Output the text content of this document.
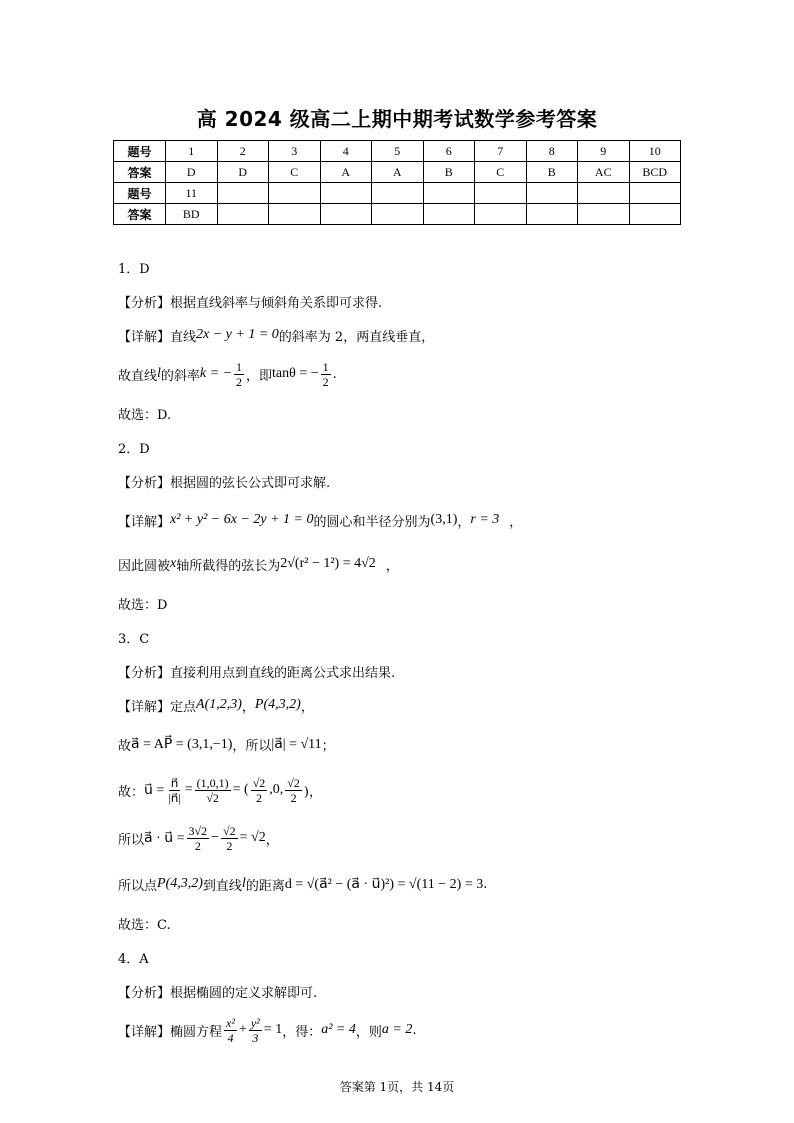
高 2024 级高二上期中期考试数学参考答案
题号	1	2	3	4	5	6	7	8	9	10
答案	D	D	C	A	A	B	C	B	AC	BCD
题号	11									
答案	BD									
1．D
【分析】根据直线斜率与倾斜角关系即可求得.
【详解】直线 2x − y + 1 = 0 的斜率为 2，两直线垂直，
故直线 l 的斜率 k = − $\frac{1}{2}$ ，即 tanθ = − $\frac{1}{2}$ .
故选：D.
2．D
【分析】根据圆的弦长公式即可求解.
【详解】 x² + y² − 6x − 2y + 1 = 0 的圆心和半径分别为 (3,1) ， r = 3 ，
因此圆被 x 轴所截得的弦长为 2√(r² − 1²) = 4√2 ，
故选：D
3．C
【分析】直接利用点到直线的距离公式求出结果.
【详解】定点 A(1,2,3) ， P(4,3,2) ，
故 a⃗ = AP⃗ = (3,1,−1) ，所以 |a⃗| = √11 ；
故： u⃗ = $\frac{n⃗}{|n⃗|} = \frac{(1,0,1)}{√2}$ = ( $\frac{√2}{2} ,0$, $\frac{√2}{2}$ )，
所以 a⃗ · u⃗ = $\frac{3√2}{2} - \frac{√2}{2} = √2$ ，
所以点 P(4,3,2) 到直线 l 的距离 d = √(a⃗² − (a⃗ · u⃗)²) = √(11 − 2) = 3 .
故选：C.
4．A
【分析】根据椭圆的定义求解即可.
【详解】椭圆方程 $\frac{\text{x²}}{4} + \frac{\text{y²}}{3} = 1$ ，得： a² = 4 ，则 a = 2 .
答案第 1页，共 14页
